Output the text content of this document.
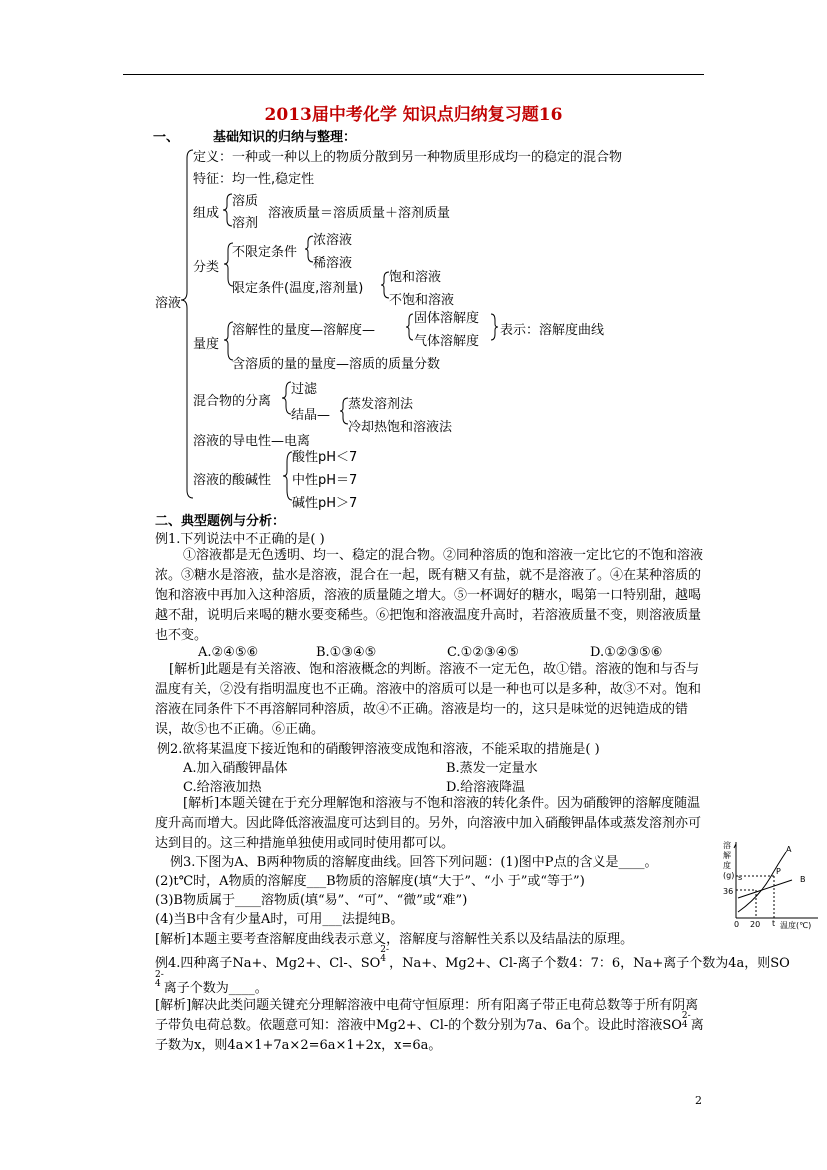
2013届中考化学 知识点归纳复习题16
一、	基础知识的归纳与整理：
溶液
定义：一种或一种以上的物质分散到另一种物质里形成均一的稳定的混合物
特征：均一性,稳定性
组成
溶质
溶剂
溶液质量＝溶质质量＋溶剂质量
分类
不限定条件
浓溶液
稀溶液
限定条件(温度,溶剂量)
饱和溶液
不饱和溶液
量度
溶解性的量度—溶解度—
固体溶解度
气体溶解度
表示：溶解度曲线
含溶质的量的量度—溶质的质量分数
混合物的分离
过滤
结晶—
蒸发溶剂法
冷却热饱和溶液法
溶液的导电性—电离
溶液的酸碱性
酸性pH＜7
中性pH＝7
碱性pH＞7
二、典型题例与分析：
例1.下列说法中不正确的是( )
①溶液都是无色透明、均一、稳定的混合物。②同种溶质的饱和溶液一定比它的不饱和溶液浓。③糖水是溶液，盐水是溶液，混合在一起，既有糖又有盐，就不是溶液了。④在某种溶质的饱和溶液中再加入这种溶质，溶液的质量随之增大。⑤一杯调好的糖水，喝第一口特别甜，越喝越不甜，说明后来喝的糖水要变稀些。⑥把饱和溶液温度升高时，若溶液质量不变，则溶液质量也不变。
A.②④⑤⑥	B.①③④⑤	C.①②③④⑤	D.①②③⑤⑥
[解析]此题是有关溶液、饱和溶液概念的判断。溶液不一定无色，故①错。溶液的饱和与否与温度有关，②没有指明温度也不正确。溶液中的溶质可以是一种也可以是多种，故③不对。饱和溶液在同条件下不再溶解同种溶质，故④不正确。溶液是均一的，这只是味觉的迟钝造成的错误，故⑤也不正确。⑥正确。
例2.欲将某温度下接近饱和的硝酸钾溶液变成饱和溶液，不能采取的措施是( )
A.加入硝酸钾晶体	B.蒸发一定量水
C.给溶液加热	D.给溶液降温
[解析]本题关键在于充分理解饱和溶液与不饱和溶液的转化条件。因为硝酸钾的溶解度随温度升高而增大。因此降低溶液温度可达到目的。另外，向溶液中加入硝酸钾晶体或蒸发溶剂亦可达到目的。这三种措施单独使用或同时使用都可以。
例3.下图为A、B两种物质的溶解度曲线。回答下列问题：(1)图中P点的含义是____。
(2)t℃时，A物质的溶解度___B物质的溶解度(填“大于”、“小 于”或“等于”)
(3)B物质属于____溶物质(填“易”、“可”、“微”或“难”)
(4)当B中含有少量A时，可用___法提纯B。
[解析]本题主要考查溶解度曲线表示意义，溶解度与溶解性关系以及结晶法的原理。
溶
解
度
(g) s
36
0 20 t 温度(℃)
A
B
P
例4.四种离子Na+、Mg2+、Cl-、SO2-
4 ，Na+、Mg2+、Cl-离子个数4：7：6，Na+离子个数为4a，则SO
2-
4 离子个数为____。
[解析]解决此类问题关键充分理解溶液中电荷守恒原理：所有阳离子带正电荷总数等于所有阴离子带负电荷总数。依题意可知：溶液中Mg2+、Cl-的个数分别为7a、6a个。设此时溶液SO2-
4 离子数为x，则4a×1+7a×2=6a×1+2x，x=6a。
2
